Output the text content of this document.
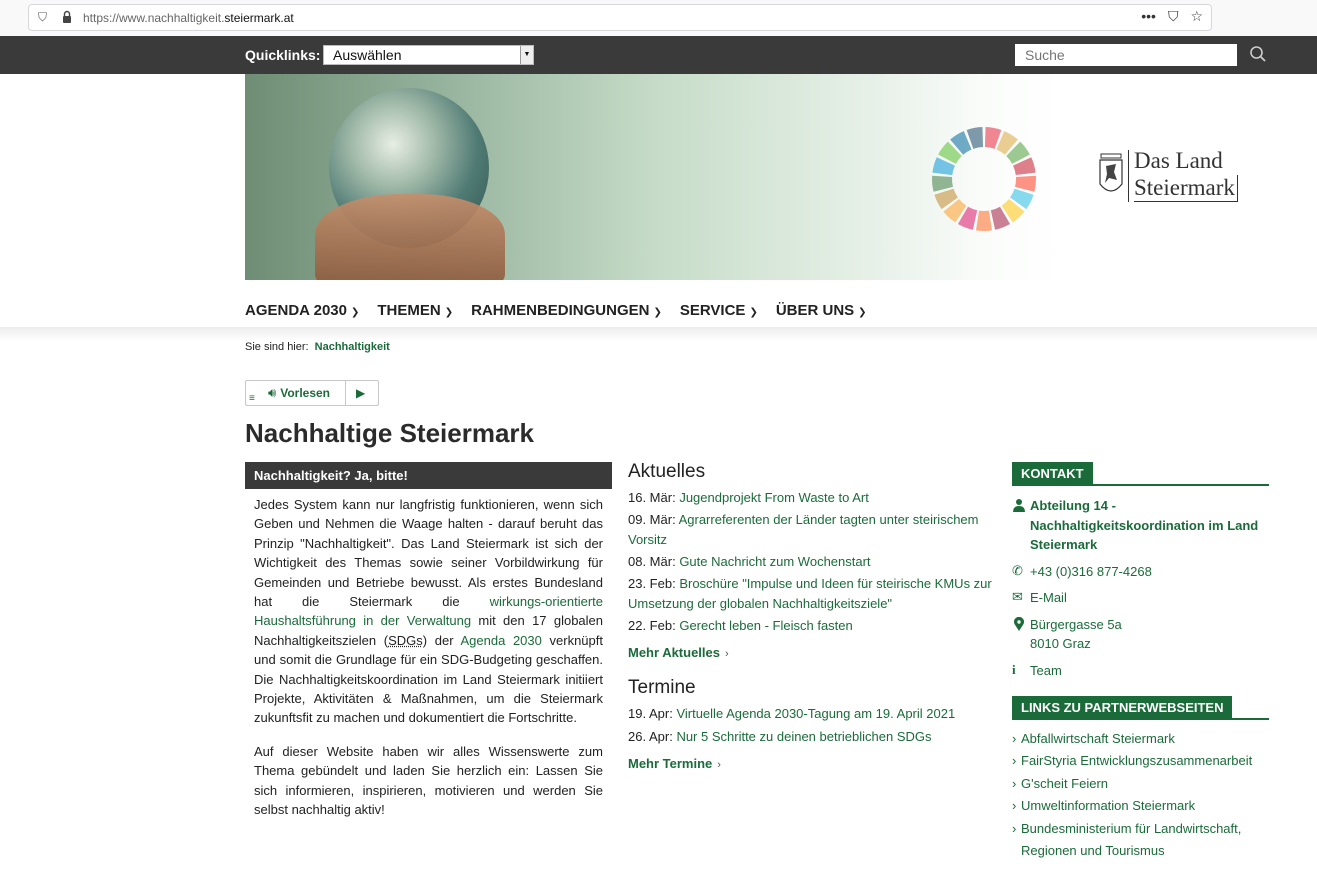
⛉	https://www.nachhaltigkeit.steiermark.at	••• ⛉ ☆
Quicklinks: Auswählen	▼
Suche
Das Land
Steiermark
AGENDA 2030 ❯ THEMEN ❯ RAHMENBEDINGUNGEN ❯ SERVICE ❯ ÜBER UNS ❯
Sie sind hier: Nachhaltigkeit
≡	🔊︎ Vorlesen ▶
Nachhaltige Steiermark
Nachhaltigkeit? Ja, bitte!

Jedes System kann nur langfristig funktionieren, wenn sich Geben und Nehmen die Waage halten - darauf beruht das Prinzip "Nachhaltigkeit". Das Land Steiermark ist sich der Wichtigkeit des Themas sowie seiner Vorbildwirkung für Gemeinden und Betriebe bewusst. Als erstes Bundesland hat die Steiermark die wirkungs-orientierte Haushaltsführung in der Verwaltung mit den 17 globalen Nachhaltigkeitszielen (SDGs) der Agenda 2030 verknüpft und somit die Grundlage für ein SDG-Budgeting geschaffen. Die Nachhaltigkeitskoordination im Land Steiermark initiiert Projekte, Aktivitäten & Maßnahmen, um die Steiermark zukunftsfit zu machen und dokumentiert die Fortschritte.

Auf dieser Website haben wir alles Wissenswerte zum Thema gebündelt und laden Sie herzlich ein: Lassen Sie sich informieren, inspirieren, motivieren und werden Sie selbst nachhaltig aktiv!

Aktuelles
16. Mär: Jugendprojekt From Waste to Art
09. Mär: Agrarreferenten der Länder tagten unter steirischem Vorsitz
08. Mär: Gute Nachricht zum Wochenstart
23. Feb: Broschüre "Impulse und Ideen für steirische KMUs zur Umsetzung der globalen Nachhaltigkeitsziele"
22. Feb: Gerecht leben - Fleisch fasten
Mehr Aktuelles ›
Termine
19. Apr: Virtuelle Agenda 2030-Tagung am 19. April 2021
26. Apr: Nur 5 Schritte zu deinen betrieblichen SDGs
Mehr Termine ›
KONTAKT
Abteilung 14 - Nachhaltigkeitskoordination im Land Steiermark
✆ +43 (0)316 877-4268
✉ E-Mail
Bürgergasse 5a
8010 Graz
i	Team
LINKS ZU PARTNERWEBSEITEN
› Abfallwirtschaft Steiermark
› FairStyria Entwicklungszusammenarbeit
› G'scheit Feiern
› Umweltinformation Steiermark
› Bundesministerium für Landwirtschaft, Regionen und Tourismus
